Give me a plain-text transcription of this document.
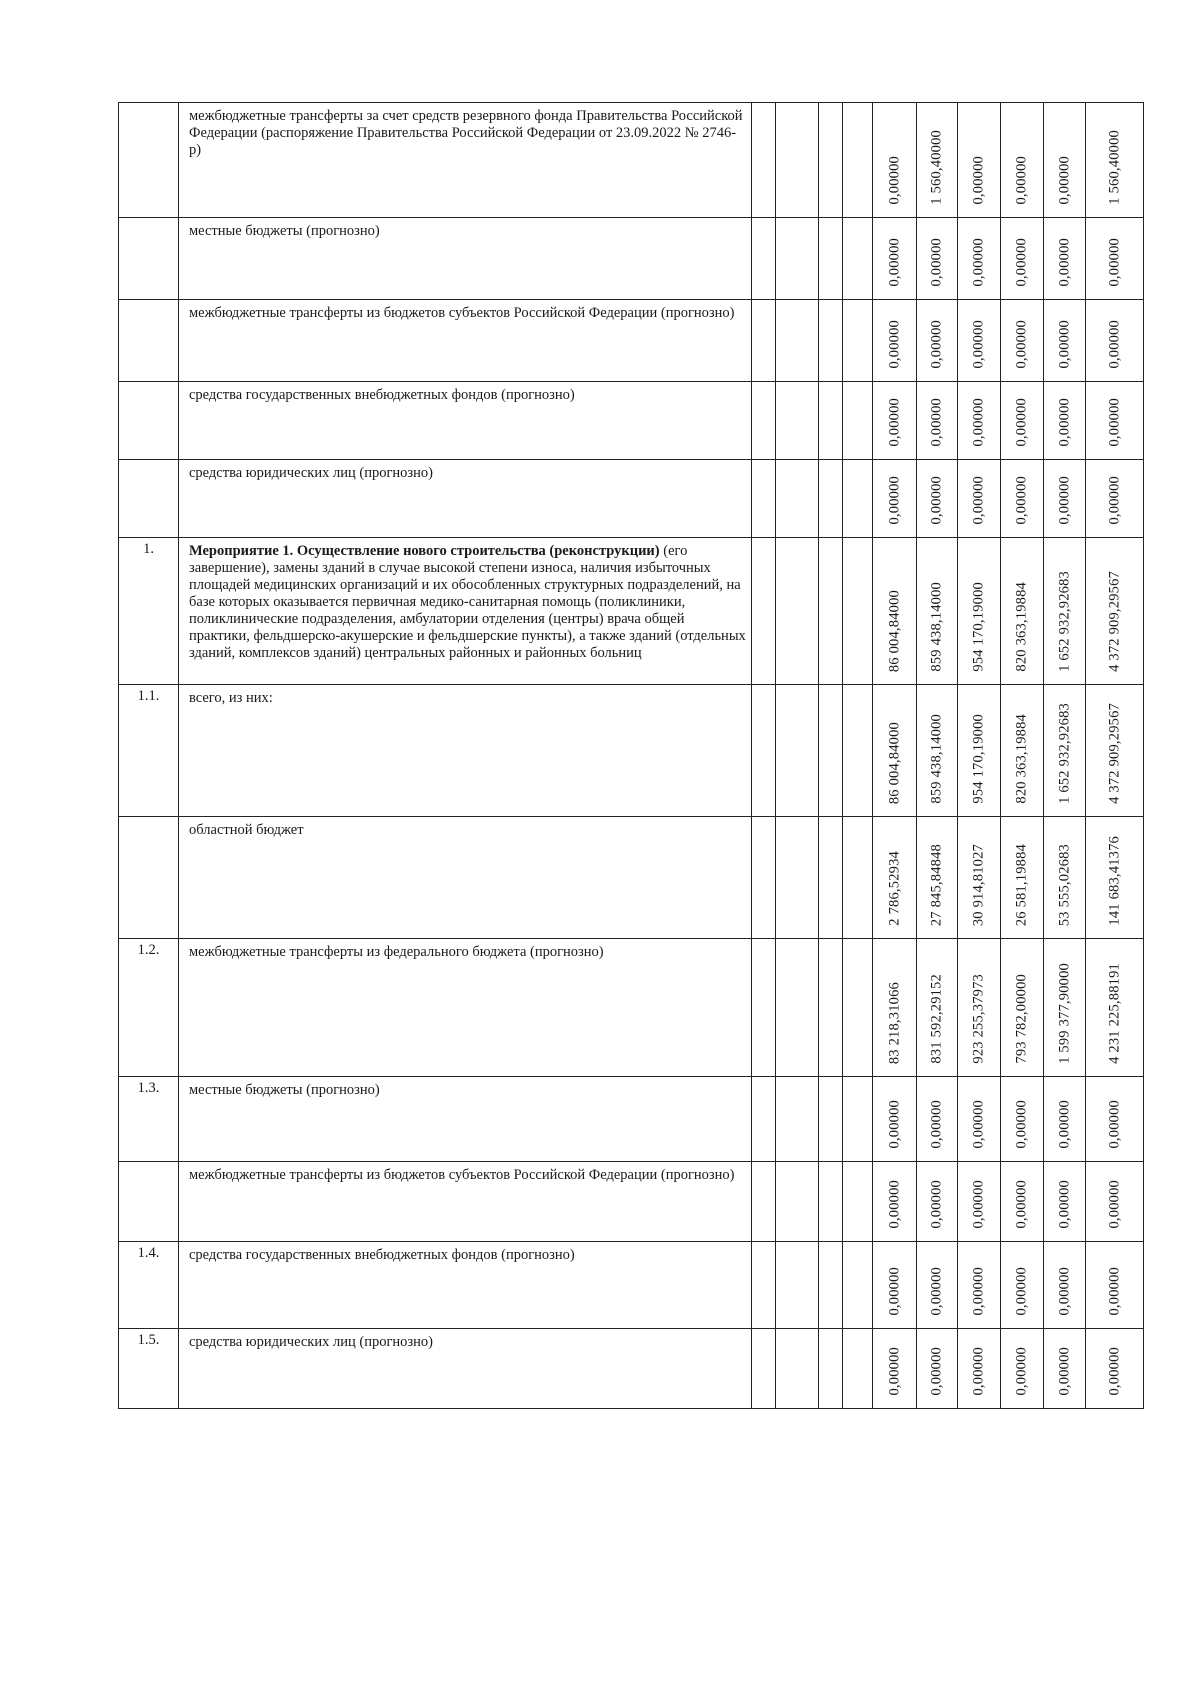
	межбюджетные трансферты за счет средств резервного фонда Правительства Российской Федерации (распоряжение Правительства Российской Федерации от 23.09.2022 № 2746-р)					0,00000	1 560,40000	0,00000	0,00000	0,00000	1 560,40000

	местные бюджеты (прогнозно)					0,00000	0,00000	0,00000	0,00000	0,00000	0,00000

	межбюджетные трансферты из бюджетов субъектов Российской Федерации (прогнозно)					0,00000	0,00000	0,00000	0,00000	0,00000	0,00000

	средства государственных внебюджетных фондов (прогнозно)					0,00000	0,00000	0,00000	0,00000	0,00000	0,00000

	средства юридических лиц (прогнозно)					0,00000	0,00000	0,00000	0,00000	0,00000	0,00000

1.	Мероприятие 1. Осуществление нового строительства (реконструкции) (его завершение), замены зданий в случае высокой степени износа, наличия избыточных площадей медицинских организаций и их обособленных структурных подразделений, на базе которых оказывается первичная медико-санитарная помощь (поликлиники, поликлинические подразделения, амбулатории отделения (центры) врача общей практики, фельдшерско-акушерские и фельдшерские пункты), а также зданий (отдельных зданий, комплексов зданий) центральных районных и районных больниц					86 004,84000	859 438,14000	954 170,19000	820 363,19884	1 652 932,92683	4 372 909,29567

1.1.	всего, из них:					86 004,84000	859 438,14000	954 170,19000	820 363,19884	1 652 932,92683	4 372 909,29567

	областной бюджет					2 786,52934	27 845,84848	30 914,81027	26 581,19884	53 555,02683	141 683,41376

1.2.	межбюджетные трансферты из федерального бюджета (прогнозно)					83 218,31066	831 592,29152	923 255,37973	793 782,00000	1 599 377,90000	4 231 225,88191

1.3.	местные бюджеты (прогнозно)					0,00000	0,00000	0,00000	0,00000	0,00000	0,00000

	межбюджетные трансферты из бюджетов субъектов Российской Федерации (прогнозно)					0,00000	0,00000	0,00000	0,00000	0,00000	0,00000

1.4.	средства государственных внебюджетных фондов (прогнозно)					0,00000	0,00000	0,00000	0,00000	0,00000	0,00000

1.5.	средства юридических лиц (прогнозно)					0,00000	0,00000	0,00000	0,00000	0,00000	0,00000
